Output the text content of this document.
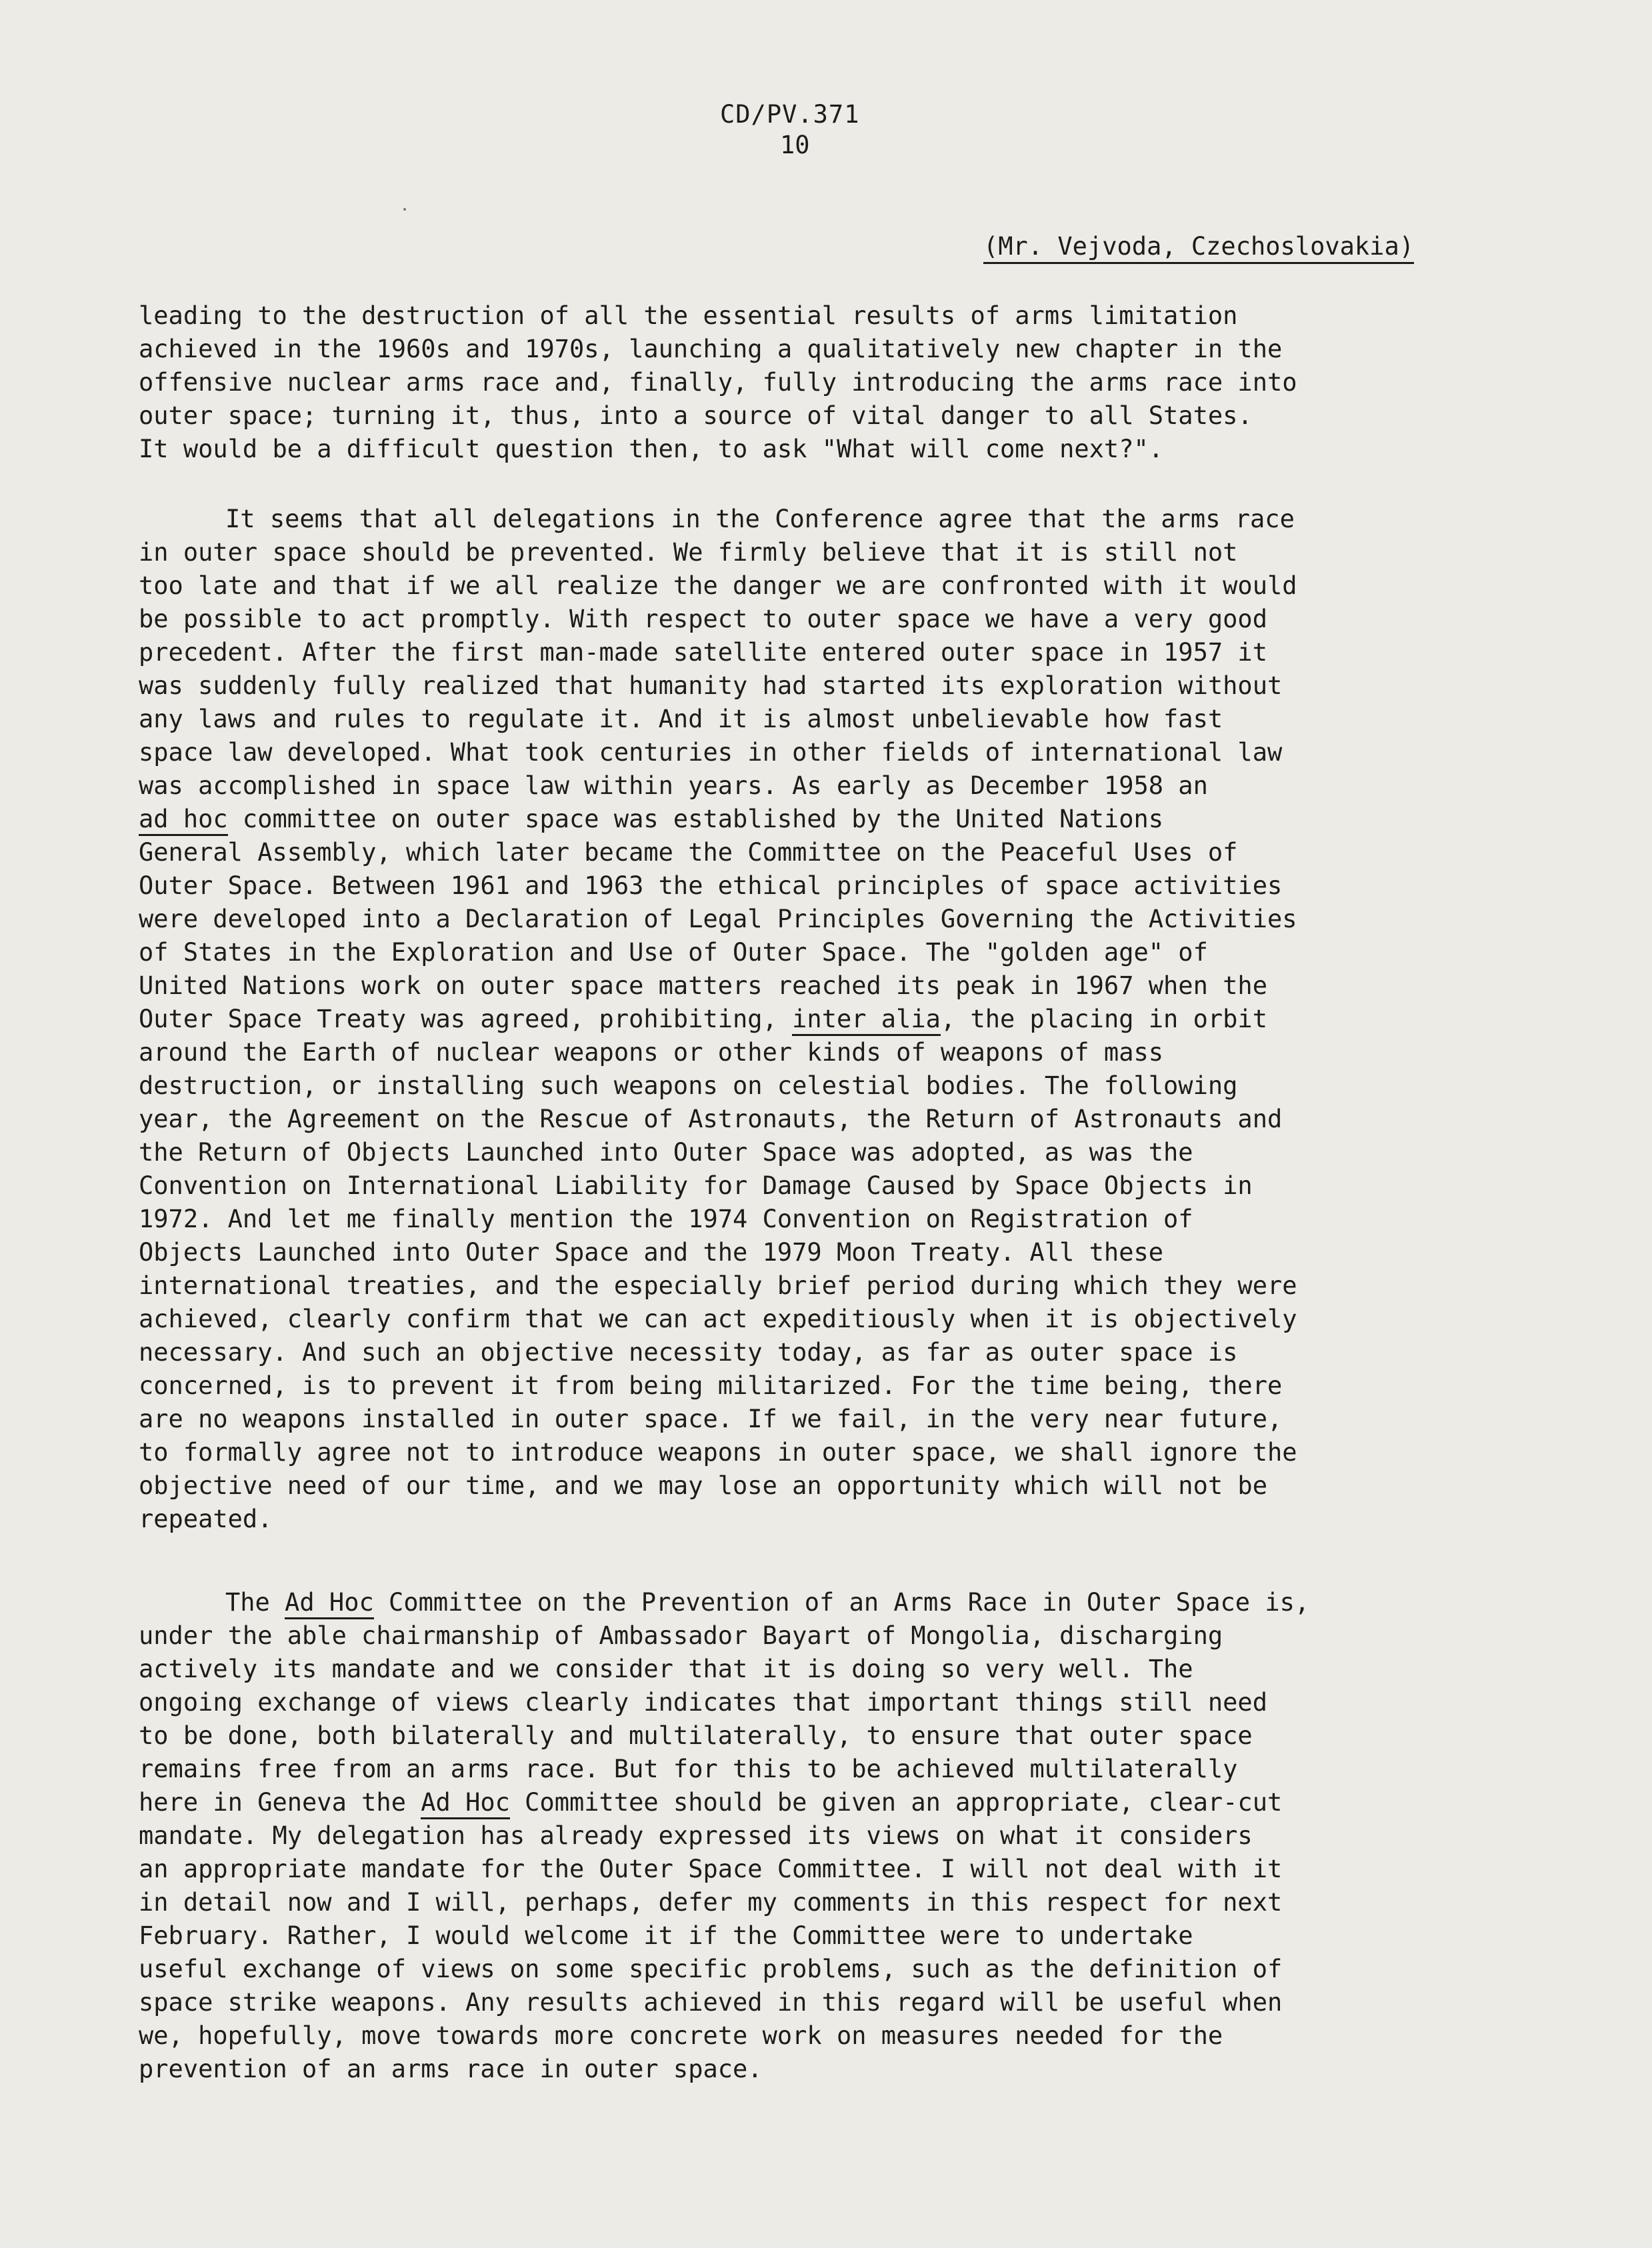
CD/PV.371
10
(Mr. Vejvoda, Czechoslovakia)
leading to the destruction of all the essential results of arms limitation
achieved in the 1960s and 1970s, launching a qualitatively new chapter in the
offensive nuclear arms race and, finally, fully introducing the arms race into
outer space; turning it, thus, into a source of vital danger to all States.
It would be a difficult question then, to ask "What will come next?".
It seems that all delegations in the Conference agree that the arms race
in outer space should be prevented. We firmly believe that it is still not
too late and that if we all realize the danger we are confronted with it would
be possible to act promptly. With respect to outer space we have a very good
precedent. After the first man-made satellite entered outer space in 1957 it
was suddenly fully realized that humanity had started its exploration without
any laws and rules to regulate it. And it is almost unbelievable how fast
space law developed. What took centuries in other fields of international law
was accomplished in space law within years. As early as December 1958 an
ad hoc committee on outer space was established by the United Nations
General Assembly, which later became the Committee on the Peaceful Uses of
Outer Space. Between 1961 and 1963 the ethical principles of space activities
were developed into a Declaration of Legal Principles Governing the Activities
of States in the Exploration and Use of Outer Space. The "golden age" of
United Nations work on outer space matters reached its peak in 1967 when the
Outer Space Treaty was agreed, prohibiting, inter alia, the placing in orbit
around the Earth of nuclear weapons or other kinds of weapons of mass
destruction, or installing such weapons on celestial bodies. The following
year, the Agreement on the Rescue of Astronauts, the Return of Astronauts and
the Return of Objects Launched into Outer Space was adopted, as was the
Convention on International Liability for Damage Caused by Space Objects in
1972. And let me finally mention the 1974 Convention on Registration of
Objects Launched into Outer Space and the 1979 Moon Treaty. All these
international treaties, and the especially brief period during which they were
achieved, clearly confirm that we can act expeditiously when it is objectively
necessary. And such an objective necessity today, as far as outer space is
concerned, is to prevent it from being militarized. For the time being, there
are no weapons installed in outer space. If we fail, in the very near future,
to formally agree not to introduce weapons in outer space, we shall ignore the
objective need of our time, and we may lose an opportunity which will not be
repeated.
The Ad Hoc Committee on the Prevention of an Arms Race in Outer Space is,
under the able chairmanship of Ambassador Bayart of Mongolia, discharging
actively its mandate and we consider that it is doing so very well. The
ongoing exchange of views clearly indicates that important things still need
to be done, both bilaterally and multilaterally, to ensure that outer space
remains free from an arms race. But for this to be achieved multilaterally
here in Geneva the Ad Hoc Committee should be given an appropriate, clear-cut
mandate. My delegation has already expressed its views on what it considers
an appropriate mandate for the Outer Space Committee. I will not deal with it
in detail now and I will, perhaps, defer my comments in this respect for next
February. Rather, I would welcome it if the Committee were to undertake
useful exchange of views on some specific problems, such as the definition of
space strike weapons. Any results achieved in this regard will be useful when
we, hopefully, move towards more concrete work on measures needed for the
prevention of an arms race in outer space.
